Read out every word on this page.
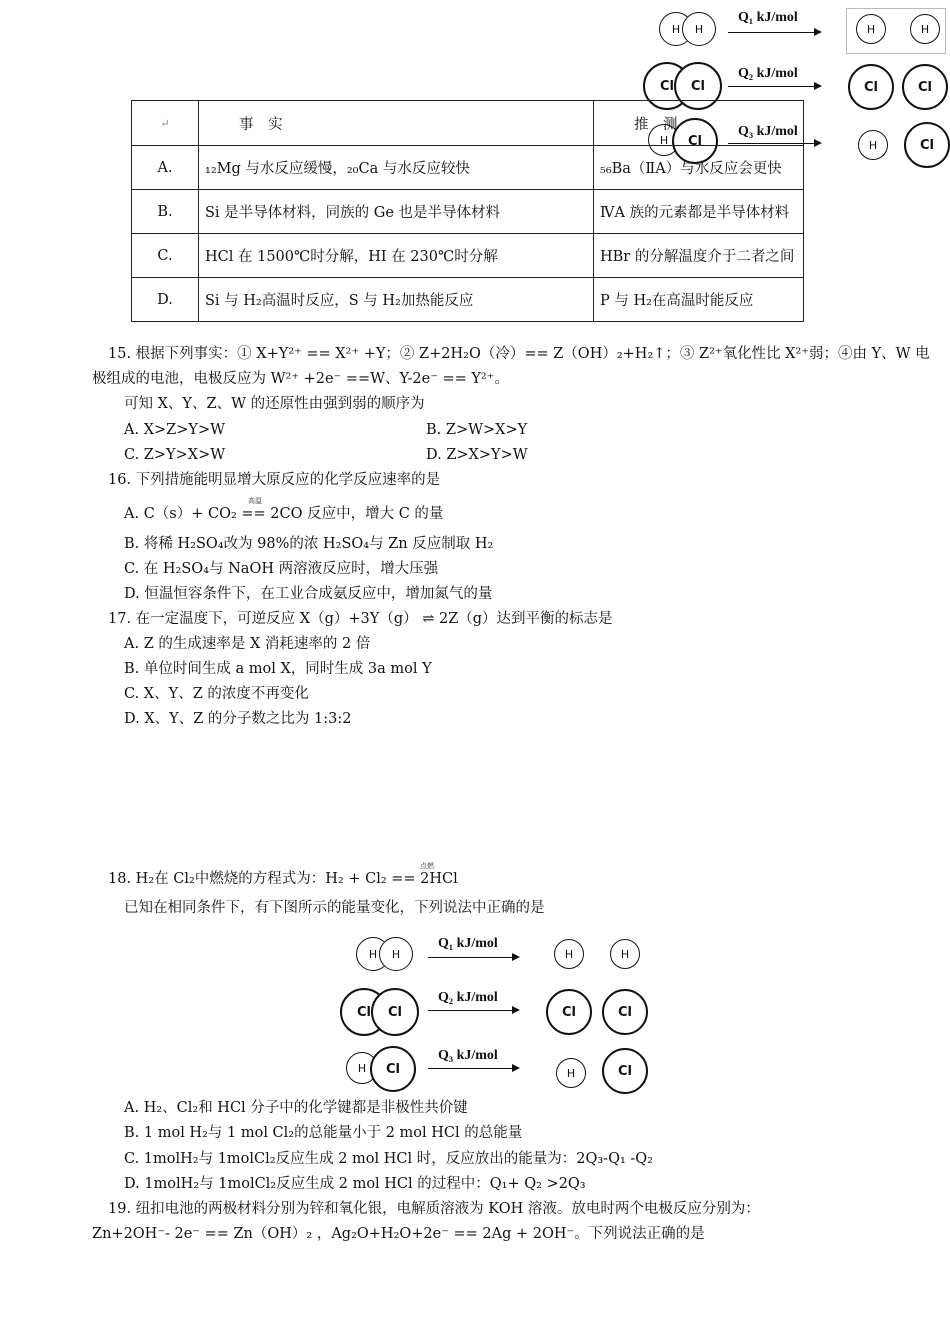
H H
Q₁ kJ/mol
H	H
Cl Cl
Q₂ kJ/mol
Cl	Cl
H Cl
Q₃ kJ/mol
H	Cl
↵	事　实	推　测
A.	₁₂Mg 与水反应缓慢，₂₀Ca 与水反应较快	₅₆Ba（ⅡA）与水反应会更快
B.	Si 是半导体材料，同族的 Ge 也是半导体材料	ⅣA 族的元素都是半导体材料
C.	HCl 在 1500℃时分解，HI 在 230℃时分解	HBr 的分解温度介于二者之间
D.	Si 与 H₂高温时反应，S 与 H₂加热能反应	P 与 H₂在高温时能反应
15. 根据下列事实：① X+Y²⁺ == X²⁺ +Y；② Z+2H₂O（冷）== Z（OH）₂+H₂↑；③ Z²⁺氧化性比 X²⁺弱；④由 Y、W 电
极组成的电池，电极反应为 W²⁺ +2e⁻ ==W、Y-2e⁻ == Y²⁺。
可知 X、Y、Z、W 的还原性由强到弱的顺序为
A. X>Z>Y>W	B. Z>W>X>Y
C. Z>Y>X>W	D. Z>X>Y>W
16. 下列措施能明显增大原反应的化学反应速率的是
高温
A. C（s）+ CO₂ == 2CO 反应中，增大 C 的量
B. 将稀 H₂SO₄改为 98%的浓 H₂SO₄与 Zn 反应制取 H₂
C. 在 H₂SO₄与 NaOH 两溶液反应时，增大压强
D. 恒温恒容条件下，在工业合成氨反应中，增加氮气的量
17. 在一定温度下，可逆反应 X（g）+3Y（g） ⇌ 2Z（g）达到平衡的标志是
A. Z 的生成速率是 X 消耗速率的 2 倍
B. 单位时间生成 a mol X，同时生成 3a mol Y
C. X、Y、Z 的浓度不再变化
D. X、Y、Z 的分子数之比为 1:3:2
点燃
18. H₂在 Cl₂中燃烧的方程式为：H₂ + Cl₂ == 2HCl
已知在相同条件下，有下图所示的能量变化，下列说法中正确的是
H H
Q₁ kJ/mol
H	H
Cl Cl
Q₂ kJ/mol
Cl	Cl
H Cl
Q₃ kJ/mol
H	Cl
A. H₂、Cl₂和 HCl 分子中的化学键都是非极性共价键
B. 1 mol H₂与 1 mol Cl₂的总能量小于 2 mol HCl 的总能量
C. 1molH₂与 1molCl₂反应生成 2 mol HCl 时，反应放出的能量为：2Q₃-Q₁ -Q₂
D. 1molH₂与 1molCl₂反应生成 2 mol HCl 的过程中：Q₁+ Q₂ >2Q₃
19. 纽扣电池的两极材料分别为锌和氧化银，电解质溶液为 KOH 溶液。放电时两个电极反应分别为：
Zn+2OH⁻- 2e⁻ == Zn（OH）₂ ，Ag₂O+H₂O+2e⁻ == 2Ag + 2OH⁻。下列说法正确的是
